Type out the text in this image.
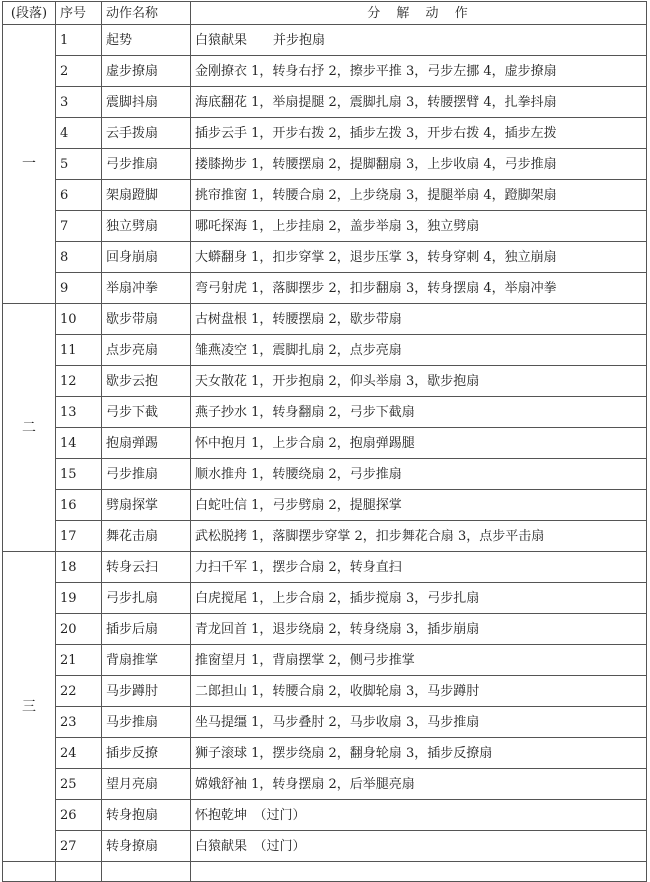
(段落)	序号	动作名称	分 解 动 作
一	1	起势	白猿献果　　并步抱扇
	2	虚步撩扇	金刚撩衣 1，转身右抒 2，擦步平推 3，弓步左挪 4，虚步撩扇
	3	震脚抖扇	海底翻花 1，举扇提腿 2，震脚扎扇 3，转腰摆臂 4，扎拳抖扇
	4	云手拨扇	插步云手 1，开步右拨 2，插步左拨 3，开步右拨 4，插步左拨
	5	弓步推扇	搂膝拗步 1，转腰摆扇 2，提脚翻扇 3，上步收扇 4，弓步推扇
	6	架扇蹬脚	挑帘推窗 1，转腰合扇 2，上步绕扇 3，提腿举扇 4，蹬脚架扇
	7	独立劈扇	哪吒探海 1，上步挂扇 2，盖步举扇 3，独立劈扇
	8	回身崩扇	大蟒翻身 1，扣步穿掌 2，退步压掌 3，转身穿刺 4，独立崩扇
	9	举扇冲拳	弯弓射虎 1，落脚摆步 2，扣步翻扇 3，转身摆扇 4，举扇冲拳
二	10	歇步带扇	古树盘根 1，转腰摆扇 2，歇步带扇
	11	点步亮扇	雏燕凌空 1，震脚扎扇 2，点步亮扇
	12	歇步云抱	天女散花 1，开步抱扇 2，仰头举扇 3，歇步抱扇
	13	弓步下截	燕子抄水 1，转身翻扇 2，弓步下截扇
	14	抱扇弹踢	怀中抱月 1，上步合扇 2，抱扇弹踢腿
	15	弓步推扇	顺水推舟 1，转腰绕扇 2，弓步推扇
	16	劈扇探掌	白蛇吐信 1，弓步劈扇 2，提腿探掌
	17	舞花击扇	武松脱拷 1，落脚摆步穿掌 2，扣步舞花合扇 3，点步平击扇
三	18	转身云扫	力扫千军 1，摆步合扇 2，转身直扫
	19	弓步扎扇	白虎搅尾 1，上步合扇 2，插步搅扇 3，弓步扎扇
	20	插步后扇	青龙回首 1，退步绕扇 2，转身绕扇 3，插步崩扇
	21	背扇推掌	推窗望月 1，背扇摆掌 2，侧弓步推掌
	22	马步蹲肘	二郎担山 1，转腰合扇 2，收脚轮扇 3，马步蹲肘
	23	马步推扇	坐马提缰 1，马步叠肘 2，马步收扇 3，马步推扇
	24	插步反撩	狮子滚球 1，摆步绕扇 2，翻身轮扇 3，插步反撩扇
	25	望月亮扇	嫦娥舒袖 1，转身摆扇 2，后举腿亮扇
	26	转身抱扇	怀抱乾坤　（过门）
	27	转身撩扇	白猿献果　（过门）
